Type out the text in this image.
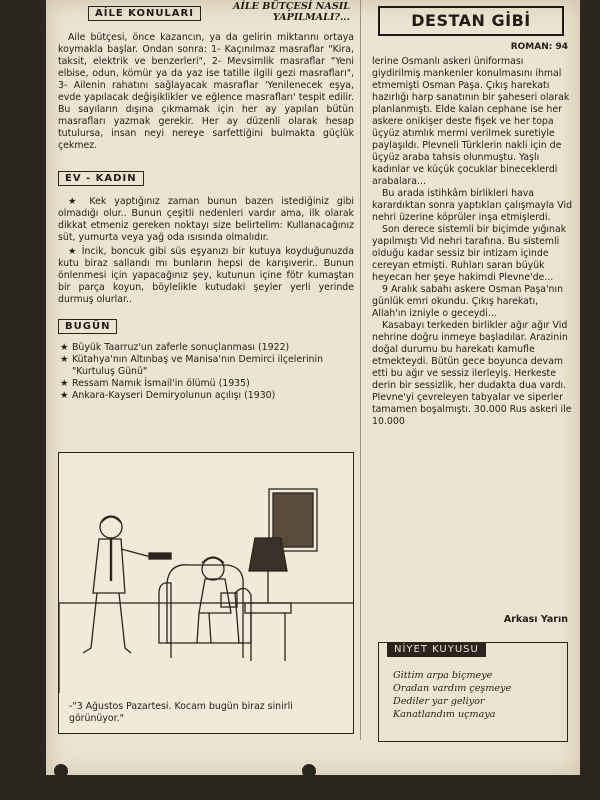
AİLE KONULARI
AİLE BÜTÇESİ NASIL
YAPILMALI?...

Aile bütçesi, önce kazancın, ya da gelirin miktarını ortaya koymakla başlar. Ondan sonra: 1- Kaçınılmaz masraflar "Kira, taksit, elektrik ve benzerleri", 2- Mevsimlik masraflar "Yeni elbise, odun, kömür ya da yaz ise tatille ilgili gezi masrafları", 3- Ailenin rahatını sağlayacak masraflar 'Yenilenecek eşya, evde yapılacak değişiklikler ve eğlence masrafları' tespit edilir. Bu sayıların dışına çıkmamak için her ay yapılan bütün masrafları yazmak gerekir. Her ay düzenli olarak hesap tutulursa, insan neyi nereye sarfettiğini bulmakta güçlük çekmez.

EV - KADIN

★ Kek yaptığınız zaman bunun bazen istediğiniz gibi olmadığı olur.. Bunun çeşitli nedenleri vardır ama, ilk olarak dikkat etmeniz gereken noktayı size belirtelim: Kullanacağınız süt, yumurta veya yağ oda ısısında olmalıdır.

★ İncik, boncuk gibi süs eşyanızı bir kutuya koyduğunuzda kutu biraz sallandı mı bunların hepsi de karışıverir.. Bunun önlenmesi için yapacağınız şey, kutunun içine fötr kumaştan bir parça koyun, böylelikle kutudaki şeyler yerli yerinde durmuş olurlar..

BUGÜN
★ Büyük Taarruz'un zaferle sonuçlanması (1922)
★ Kütahya'nın Altınbaş ve Manisa'nın Demirci ilçelerinin "Kurtuluş Günü"
★ Ressam Namık İsmail'in ölümü (1935)
★ Ankara-Kayseri Demiryolunun açılışı (1930)
-"3 Ağustos Pazartesi. Kocam bugün biraz sinirli görünüyor."
DESTAN GİBİ
ROMAN: 94

lerine Osmanlı askeri üniforması giydirilmiş mankenler konulmasını ihmal etmemişti Osman Paşa. Çıkış harekatı hazırlığı harp sanatının bir şaheseri olarak planlanmıştı. Elde kalan cephane ise her askere onikişer deste fişek ve her topa üçyüz atımlık mermi verilmek suretiyle paylaşıldı. Plevneli Türklerin nakli için de üçyüz araba tahsis olunmuştu. Yaşlı kadınlar ve küçük çocuklar bineceklerdi arabalara...

Bu arada istihkâm birlikleri hava karardıktan sonra yaptıkları çalışmayla Vid nehri üzerine köprüler inşa etmişlerdi.

Son derece sistemli bir biçimde yığınak yapılmıştı Vid nehri tarafına. Bu sistemli olduğu kadar sessiz bir intizam içinde cereyan etmişti. Ruhları saran büyük heyecan her şeye hakimdi Plevne'de...

9 Aralık sabahı askere Osman Paşa'nın günlük emri okundu. Çıkış harekatı, Allah'ın izniyle o geceydi...

Kasabayı terkeden birlikler ağır ağır Vid nehrine doğru inmeye başladılar. Arazinin doğal durumu bu harekatı kamufle etmekteydi. Bütün gece boyunca devam etti bu ağır ve sessiz ilerleyiş. Herkeste derin bir sessizlik, her dudakta dua vardı. Plevne'yi çevreleyen tabyalar ve siperler tamamen boşalmıştı. 30.000 Rus askeri ile 10.000

Arkası Yarın
NİYET KUYUSU
Gittim arpa biçmeye
Oradan vardım çeşmeye
Dediler yar geliyor
Kanatlandım uçmaya
